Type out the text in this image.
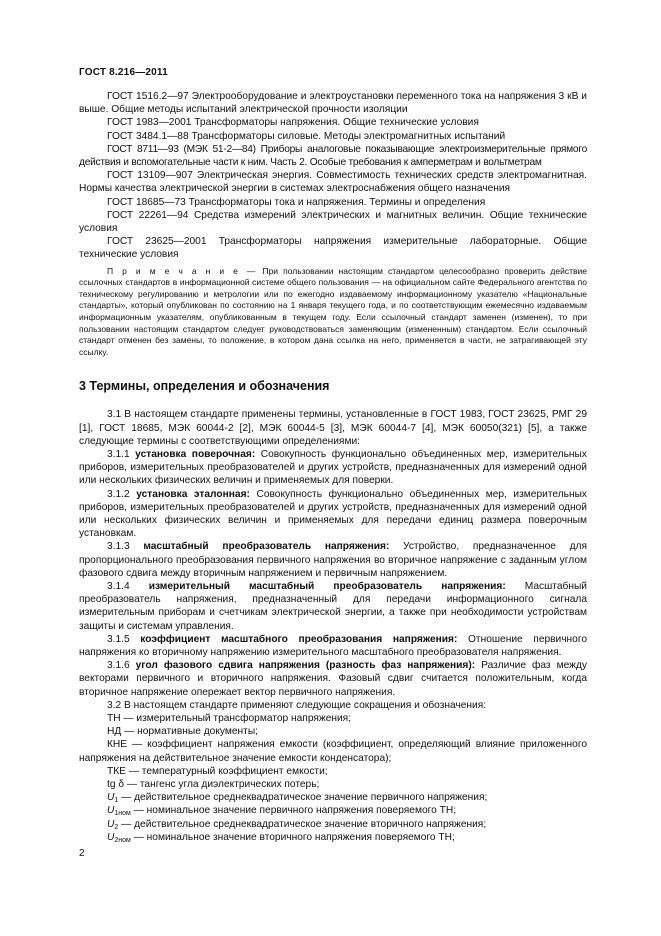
ГОСТ 8.216—2011

ГОСТ 1516.2—97 Электрооборудование и электроустановки переменного тока на напряжения 3 кВ и выше. Общие методы испытаний электрической прочности изоляции

ГОСТ 1983—2001 Трансформаторы напряжения. Общие технические условия

ГОСТ 3484.1—88 Трансформаторы силовые. Методы электромагнитных испытаний

ГОСТ 8711—93 (МЭК 51-2—84) Приборы аналоговые показывающие электроизмерительные прямого действия и вспомогательные части к ним. Часть 2. Особые требования к амперметрам и вольтметрам

ГОСТ 13109—907 Электрическая энергия. Совместимость технических средств электромагнитная. Нормы качества электрической энергии в системах электроснабжения общего назначения

ГОСТ 18685—73 Трансформаторы тока и напряжения. Термины и определения

ГОСТ 22261—94 Средства измерений электрических и магнитных величин. Общие технические условия

ГОСТ 23625—2001 Трансформаторы напряжения измерительные лабораторные. Общие технические условия

П р и м е ч а н и е — При пользовании настоящим стандартом целесообразно проверить действие ссылочных стандартов в информационной системе общего пользования — на официальном сайте Федерального агентства по техническому регулированию и метрологии или по ежегодно издаваемому информационному указателю «Национальные стандарты», который опубликован по состоянию на 1 января текущего года, и по соответствующим ежемесячно издаваемым информационным указателям, опубликованным в текущем году. Если ссылочный стандарт заменен (изменен), то при пользовании настоящим стандартом следует руководствоваться заменяющим (измененным) стандартом. Если ссылочный стандарт отменен без замены, то положение, в котором дана ссылка на него, применяется в части, не затрагивающей эту ссылку.

3 Термины, определения и обозначения

3.1 В настоящем стандарте применены термины, установленные в ГОСТ 1983, ГОСТ 23625, РМГ 29 [1], ГОСТ 18685, МЭК 60044-2 [2], МЭК 60044-5 [3], МЭК 60044-7 [4], МЭК 60050(321) [5], а также следующие термины с соответствующими определениями:

3.1.1 установка поверочная: Совокупность функционально объединенных мер, измерительных приборов, измерительных преобразователей и других устройств, предназначенных для измерений одной или нескольких физических величин и применяемых для поверки.

3.1.2 установка эталонная: Совокупность функционально объединенных мер, измерительных приборов, измерительных преобразователей и других устройств, предназначенных для измерений одной или нескольких физических величин и применяемых для передачи единиц размера поверочным установкам.

3.1.3 масштабный преобразователь напряжения: Устройство, предназначенное для пропорционального преобразования первичного напряжения во вторичное напряжение с заданным углом фазового сдвига между вторичным напряжением и первичным напряжением.

3.1.4 измерительный масштабный преобразователь напряжения: Масштабный преобразователь напряжения, предназначенный для передачи информационного сигнала измерительным приборам и счетчикам электрической энергии, а также при необходимости устройствам защиты и системам управления.

3.1.5 коэффициент масштабного преобразования напряжения: Отношение первичного напряжения ко вторичному напряжению измерительного масштабного преобразователя напряжения.

3.1.6 угол фазового сдвига напряжения (разность фаз напряжения): Различие фаз между векторами первичного и вторичного напряжения. Фазовый сдвиг считается положительным, когда вторичное напряжение опережает вектор первичного напряжения.

3.2 В настоящем стандарте применяют следующие сокращения и обозначения:

ТН — измерительный трансформатор напряжения;

НД — нормативные документы;

КНЕ — коэффициент напряжения емкости (коэффициент, определяющий влияние приложенного напряжения на действительное значение емкости конденсатора);

ТКЕ — температурный коэффициент емкости;

tg δ — тангенс угла диэлектрических потерь;

$U_1$ — действительное среднеквадратическое значение первичного напряжения;

$U_{1ном}$ — номинальное значение первичного напряжения поверяемого ТН;

$U_2$ — действительное среднеквадратическое значение вторичного напряжения;

$U_{2ном}$ — номинальное значение вторичного напряжения поверяемого ТН;

2
